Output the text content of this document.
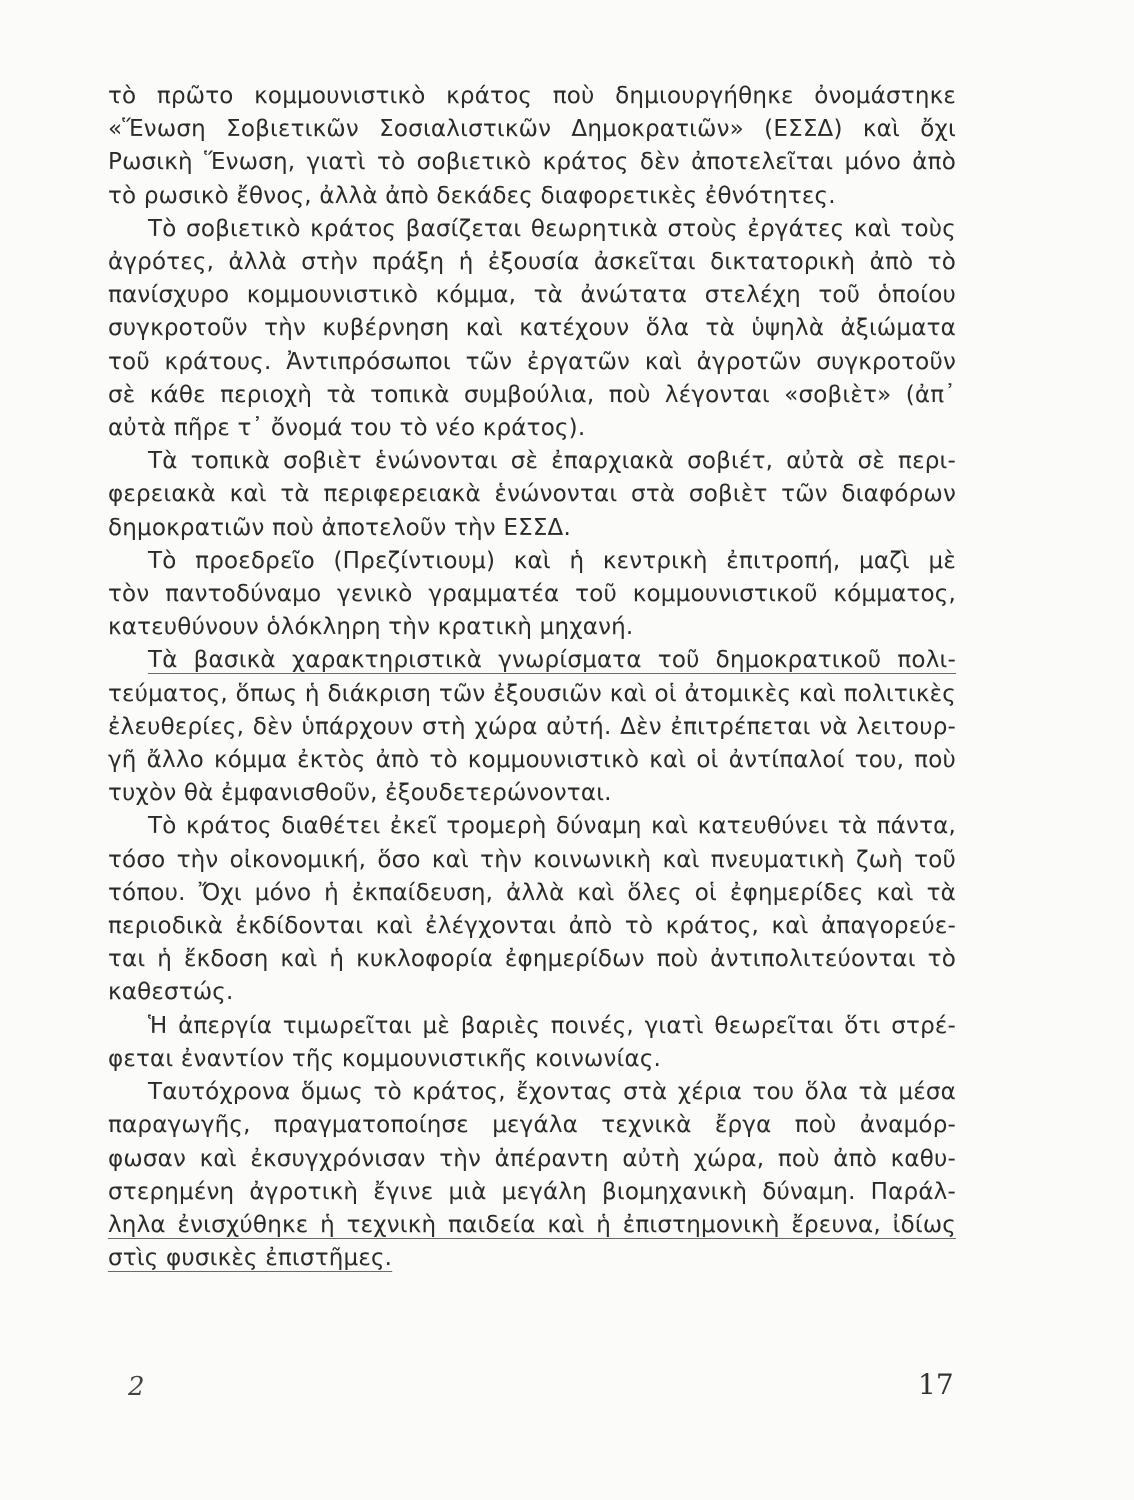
τὸ πρῶτο κομμουνιστικὸ κράτος ποὺ δημιουργήθηκε ὀνομάστηκε
«Ἕνωση Σοβιετικῶν Σοσιαλιστικῶν Δημοκρατιῶν» (ΕΣΣΔ) καὶ ὄχι
Ρωσικὴ Ἕνωση, γιατὶ τὸ σοβιετικὸ κράτος δὲν ἀποτελεῖται μόνο ἀπὸ
τὸ ρωσικὸ ἔθνος, ἀλλὰ ἀπὸ δεκάδες διαφορετικὲς ἐθνότητες.
Τὸ σοβιετικὸ κράτος βασίζεται θεωρητικὰ στοὺς ἐργάτες καὶ τοὺς
ἀγρότες, ἀλλὰ στὴν πράξη ἡ ἐξουσία ἀσκεῖται δικτατορικὴ ἀπὸ τὸ
πανίσχυρο κομμουνιστικὸ κόμμα, τὰ ἀνώτατα στελέχη τοῦ ὁποίου
συγκροτοῦν τὴν κυβέρνηση καὶ κατέχουν ὅλα τὰ ὑψηλὰ ἀξιώματα
τοῦ κράτους. Ἀντιπρόσωποι τῶν ἐργατῶν καὶ ἀγροτῶν συγκροτοῦν
σὲ κάθε περιοχὴ τὰ τοπικὰ συμβούλια, ποὺ λέγονται «σοβιὲτ» (ἀπ᾿
αὐτὰ πῆρε τ᾿ ὄνομά του τὸ νέο κράτος).
Τὰ τοπικὰ σοβιὲτ ἑνώνονται σὲ ἐπαρχιακὰ σοβιέτ, αὐτὰ σὲ περι-
φερειακὰ καὶ τὰ περιφερειακὰ ἑνώνονται στὰ σοβιὲτ τῶν διαφόρων
δημοκρατιῶν ποὺ ἀποτελοῦν τὴν ΕΣΣΔ.
Τὸ προεδρεῖο (Πρεζίντιουμ) καὶ ἡ κεντρικὴ ἐπιτροπή, μαζὶ μὲ
τὸν παντοδύναμο γενικὸ γραμματέα τοῦ κομμουνιστικοῦ κόμματος,
κατευθύνουν ὁλόκληρη τὴν κρατικὴ μηχανή.
Τὰ βασικὰ χαρακτηριστικὰ γνωρίσματα τοῦ δημοκρατικοῦ πολι-
τεύματος, ὅπως ἡ διάκριση τῶν ἐξουσιῶν καὶ οἱ ἀτομικὲς καὶ πολιτικὲς
ἐλευθερίες, δὲν ὑπάρχουν στὴ χώρα αὐτή. Δὲν ἐπιτρέπεται νὰ λειτουρ-
γῆ ἄλλο κόμμα ἐκτὸς ἀπὸ τὸ κομμουνιστικὸ καὶ οἱ ἀντίπαλοί του, ποὺ
τυχὸν θὰ ἐμφανισθοῦν, ἐξουδετερώνονται.
Τὸ κράτος διαθέτει ἐκεῖ τρομερὴ δύναμη καὶ κατευθύνει τὰ πάντα,
τόσο τὴν οἰκονομική, ὅσο καὶ τὴν κοινωνικὴ καὶ πνευματικὴ ζωὴ τοῦ
τόπου. Ὄχι μόνο ἡ ἐκπαίδευση, ἀλλὰ καὶ ὅλες οἱ ἐφημερίδες καὶ τὰ
περιοδικὰ ἐκδίδονται καὶ ἐλέγχονται ἀπὸ τὸ κράτος, καὶ ἀπαγορεύε-
ται ἡ ἔκδοση καὶ ἡ κυκλοφορία ἐφημερίδων ποὺ ἀντιπολιτεύονται τὸ
καθεστώς.
Ἡ ἀπεργία τιμωρεῖται μὲ βαριὲς ποινές, γιατὶ θεωρεῖται ὅτι στρέ-
φεται ἐναντίον τῆς κομμουνιστικῆς κοινωνίας.
Ταυτόχρονα ὅμως τὸ κράτος, ἔχοντας στὰ χέρια του ὅλα τὰ μέσα
παραγωγῆς, πραγματοποίησε μεγάλα τεχνικὰ ἔργα ποὺ ἀναμόρ-
φωσαν καὶ ἐκσυγχρόνισαν τὴν ἀπέραντη αὐτὴ χώρα, ποὺ ἀπὸ καθυ-
στερημένη ἀγροτικὴ ἔγινε μιὰ μεγάλη βιομηχανικὴ δύναμη. Παράλ-
ληλα ἐνισχύθηκε ἡ τεχνικὴ παιδεία καὶ ἡ ἐπιστημονικὴ ἔρευνα, ἰδίως
στὶς φυσικὲς ἐπιστῆμες.
2	17
